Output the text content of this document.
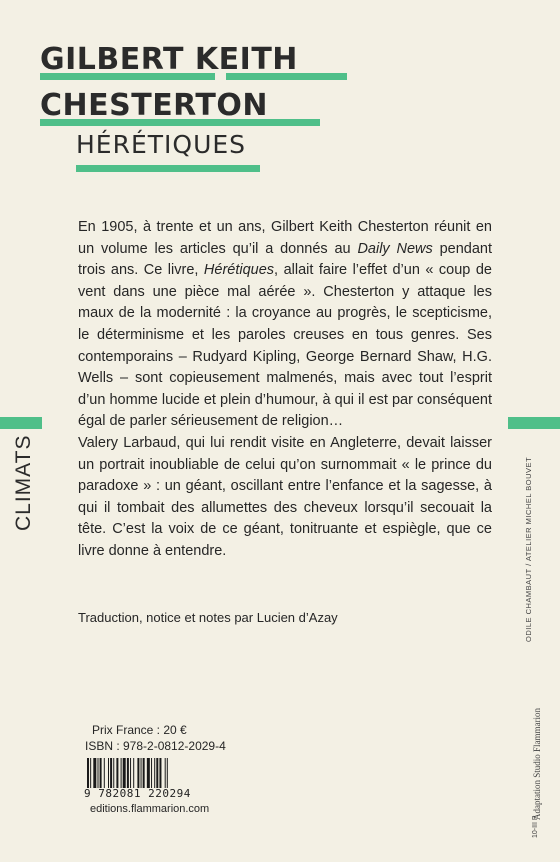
GILBERT KEITH
CHESTERTON
HÉRÉTIQUES
CLIMATS	ODILE CHAMBAUT / ATELIER MICHEL BOUVET
Adaptation Studio Flammarion
10-III P

En 1905, à trente et un ans, Gilbert Keith Chesterton réunit en un volume les articles qu’il a donnés au Daily News pendant trois ans. Ce livre, Hérétiques, allait faire l’effet d’un « coup de vent dans une pièce mal aérée ». Chesterton y attaque les maux de la modernité : la croyance au progrès, le scepticisme, le déterminisme et les paroles creuses en tous genres. Ses contemporains – Rudyard Kipling, George Bernard Shaw, H.G. Wells – sont copieusement malmenés, mais avec tout l’esprit d’un homme lucide et plein d’humour, à qui il est par conséquent égal de parler sérieusement de religion…

Valery Larbaud, qui lui rendit visite en Angleterre, devait laisser un portrait inoubliable de celui qu’on surnommait « le prince du paradoxe » : un géant, oscillant entre l’enfance et la sagesse, à qui il tombait des allumettes des cheveux lorsqu’il secouait la tête. C’est la voix de ce géant, tonitruante et espiègle, que ce livre donne à entendre.

Traduction, notice et notes par Lucien d’Azay

Prix France : 20 €
ISBN : 978-2-0812-2029-4
9 782081 220294
editions.flammarion.com
